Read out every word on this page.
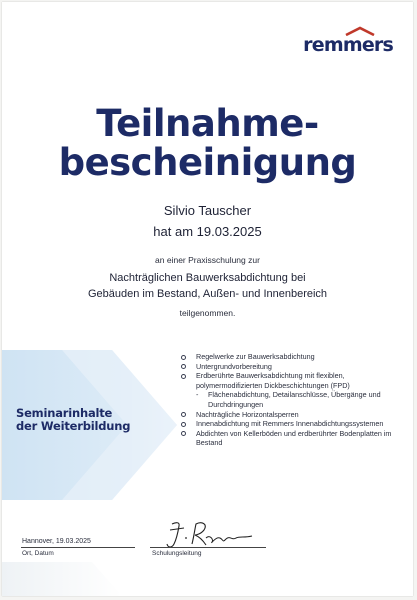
remmers
Teilnahme-
bescheinigung

Silvio Tauscher

hat am 19.03.2025

an einer Praxisschulung zur

Nachträglichen Bauwerksabdichtung bei

Gebäuden im Bestand, Außen- und Innenbereich

teilgenommen.

Seminarinhalte
der Weiterbildung

Regelwerke zur Bauwerksabdichtung
Untergrundvorbereitung
Erdberührte Bauwerksabdichtung mit flexiblen, polymermodifizierten Dickbeschichtungen (FPD)
- Flächenabdichtung, Detailanschlüsse, Übergänge und Durchdringungen
Nachträgliche Horizontalsperren
Innenabdichtung mit Remmers Innenabdichtungssystemen
Abdichten von Kellerböden und erdberührter Bodenplatten im Bestand

Hannover, 19.03.2025

Ort, Datum	Schulungsleitung
